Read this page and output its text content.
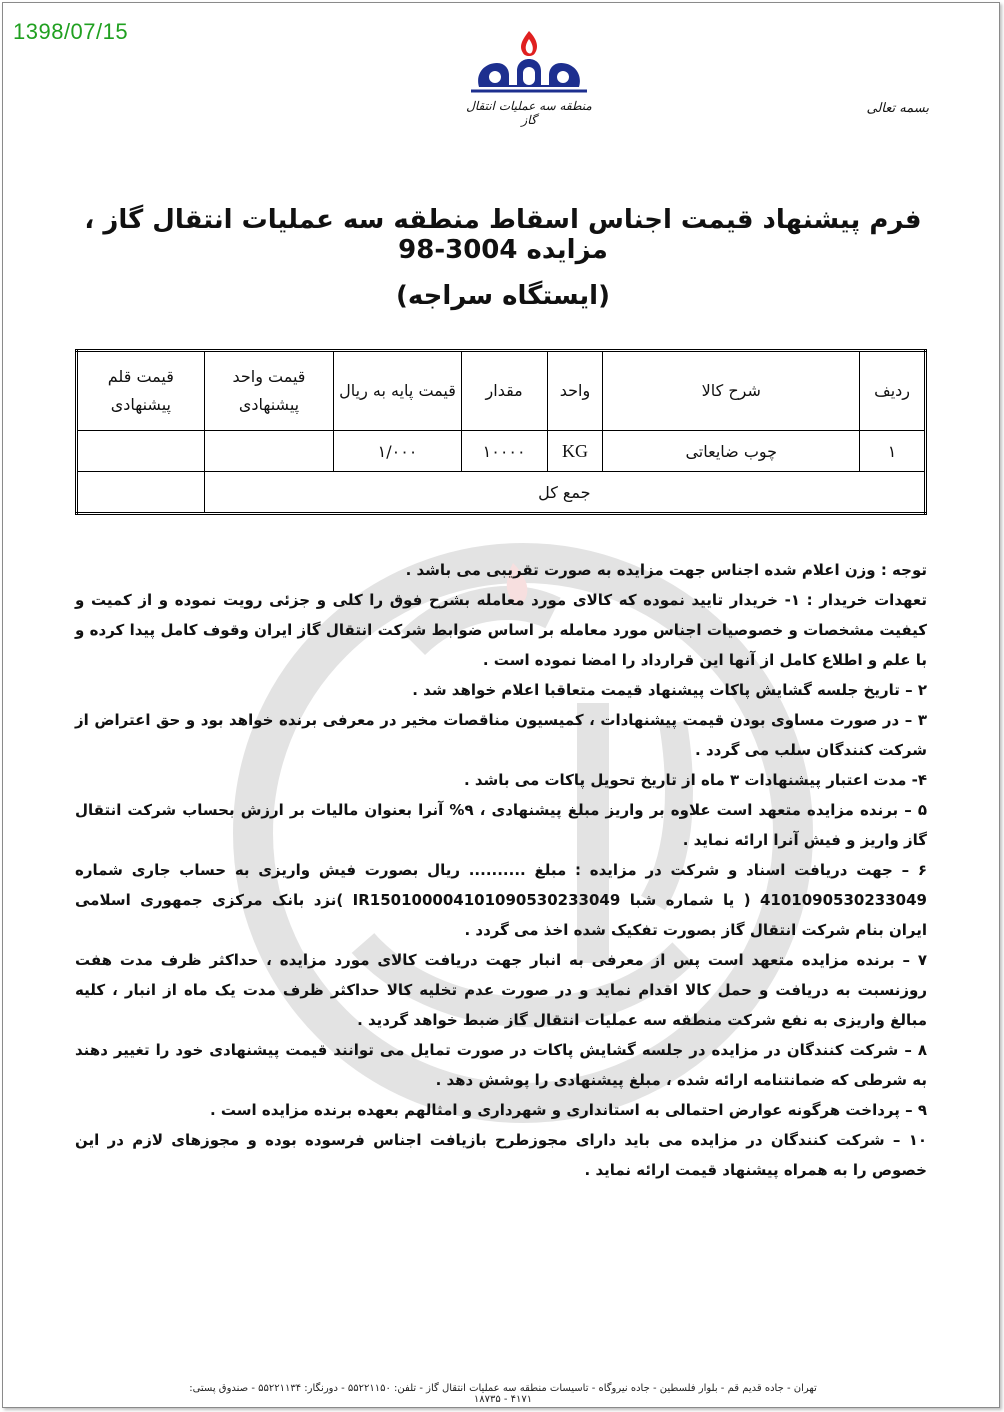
1398/07/15
منطقه سه عملیات انتقال گاز
بسمه تعالی
فرم پیشنهاد قیمت اجناس اسقاط منطقه سه عملیات انتقال گاز ، مزایده 3004-98
(ایستگاه سراجه)
ردیف	شرح کالا	واحد	مقدار	قیمت پایه به ریال	قیمت واحد پیشنهادی	قیمت قلم پیشنهادی
۱	چوب ضایعاتی	KG	۱۰۰۰۰	۱/۰۰۰		
جمع کل						

توجه : وزن اعلام شده اجناس جهت مزایده به صورت تقریبی می باشد .

تعهدات خریدار : ۱- خریدار تایید نموده که کالای مورد معامله بشرح فوق را کلی و جزئی رویت نموده و از کمیت و کیفیت مشخصات و خصوصیات اجناس مورد معامله بر اساس ضوابط شرکت انتقال گاز ایران وقوف کامل پیدا کرده و با علم و اطلاع کامل از آنها این قرارداد را امضا نموده است .

۲ – تاریخ جلسه گشایش پاکات پیشنهاد قیمت متعاقبا اعلام خواهد شد .

۳ – در صورت مساوی بودن قیمت پیشنهادات ، کمیسیون مناقصات مخیر در معرفی برنده خواهد بود و حق اعتراض از شرکت کنندگان سلب می گردد .

۴- مدت اعتبار پیشنهادات ۳ ماه از تاریخ تحویل پاکات می باشد .

۵ – برنده مزایده متعهد است علاوه بر واریز مبلغ پیشنهادی ، ۹% آنرا بعنوان مالیات بر ارزش بحساب شرکت انتقال گاز واریز و فیش آنرا ارائه نماید .

۶ – جهت دریافت اسناد و شرکت در مزایده : مبلغ .......... ریال بصورت فیش واریزی به حساب جاری شماره 4101090530233049 ( یا شماره شبا IR150100004101090530233049 )نزد بانک مرکزی جمهوری اسلامی ایران بنام شرکت انتقال گاز بصورت تفکیک شده اخذ می گردد .

۷ – برنده مزایده متعهد است پس از معرفی به انبار جهت دریافت کالای مورد مزایده ، حداکثر ظرف مدت هفت روزنسبت به دریافت و حمل کالا اقدام نماید و در صورت عدم تخلیه کالا حداکثر ظرف مدت یک ماه از انبار ، کلیه مبالغ واریزی به نفع شرکت منطقه سه عملیات انتقال گاز ضبط خواهد گردید .

۸ – شرکت کنندگان در مزایده در جلسه گشایش پاکات در صورت تمایل می توانند قیمت پیشنهادی خود را تغییر دهند به شرطی که ضمانتنامه ارائه شده ، مبلغ پیشنهادی را پوشش دهد .

۹ – پرداخت هرگونه عوارض احتمالی به استانداری و شهرداری و امثالهم بعهده برنده مزایده است .

۱۰ – شرکت کنندگان در مزایده می باید دارای مجوزطرح بازیافت اجناس فرسوده بوده و مجوزهای لازم در این خصوص را به همراه پیشنهاد قیمت ارائه نماید .

تهران - جاده قدیم قم - بلوار فلسطین - جاده نیروگاه - تاسیسات منطقه سه عملیات انتقال گاز - تلفن: ۵۵۲۲۱۱۵۰ - دورنگار: ۵۵۲۲۱۱۳۴ - صندوق پستی: ۴۱۷۱ - ۱۸۷۳۵
